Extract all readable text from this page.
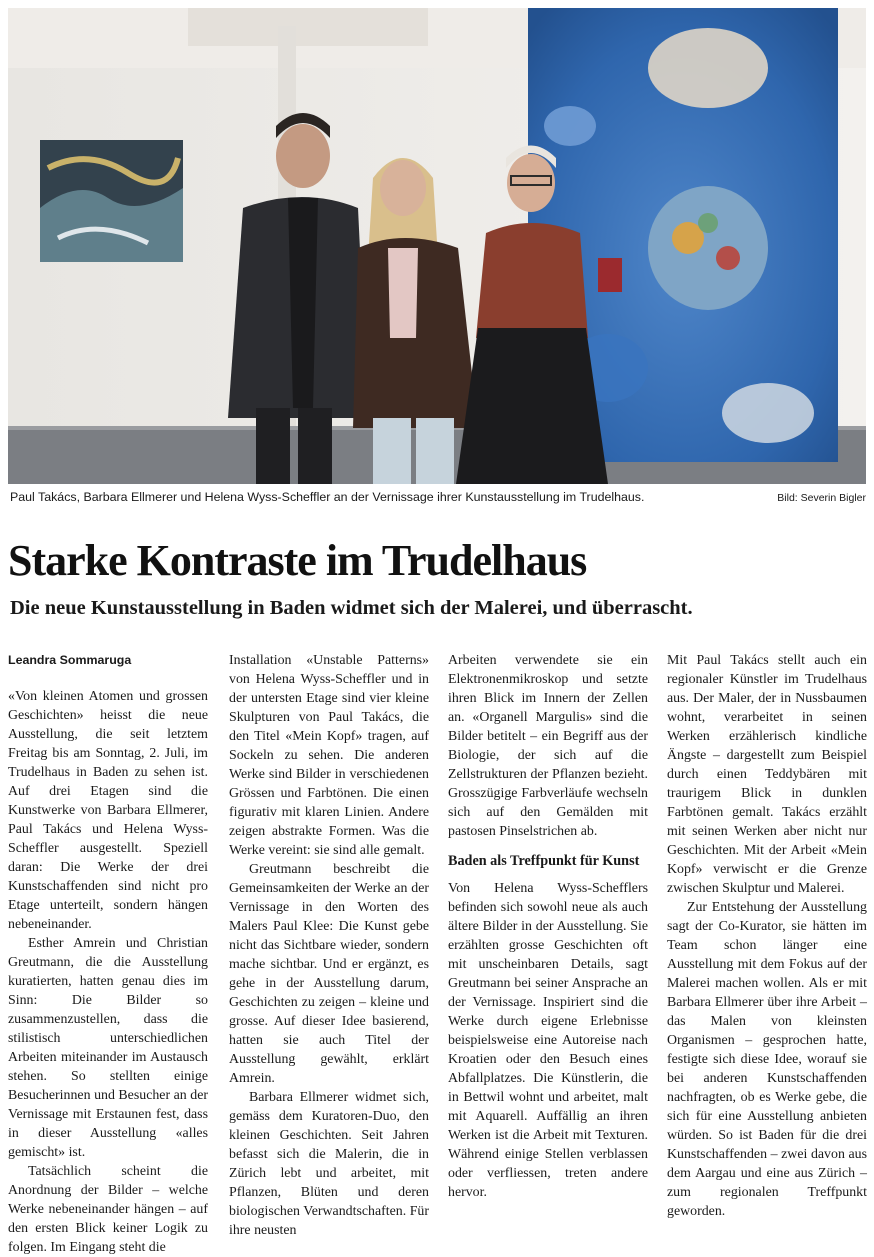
Paul Takács, Barbara Ellmerer und Helena Wyss-Scheffler an der Vernissage ihrer Kunstausstellung im Trudelhaus.	Bild: Severin Bigler
Starke Kontraste im Trudelhaus
Die neue Kunstausstellung in Baden widmet sich der Malerei, und überrascht.
Leandra Sommaruga

«Von kleinen Atomen und grossen Geschichten» heisst die neue Ausstellung, die seit letztem Freitag bis am Sonntag, 2. Juli, im Trudelhaus in Baden zu sehen ist. Auf drei Etagen sind die Kunstwerke von Barbara Ellmerer, Paul Takács und Helena Wyss-Scheffler ausgestellt. Speziell daran: Die Werke der drei Kunstschaffenden sind nicht pro Etage unterteilt, sondern hängen nebeneinander.

Esther Amrein und Christian Greutmann, die die Ausstellung kuratierten, hatten genau dies im Sinn: Die Bilder so zusammenzustellen, dass die stilistisch unterschiedlichen Arbeiten miteinander im Austausch stehen. So stellten einige Besucherinnen und Besucher an der Vernissage mit Erstaunen fest, dass in dieser Ausstellung «alles gemischt» ist.

Tatsächlich scheint die Anordnung der Bilder – welche Werke nebeneinander hängen – auf den ersten Blick keiner Logik zu folgen. Im Eingang steht die

Installation «Unstable Patterns» von Helena Wyss-Scheffler und in der untersten Etage sind vier kleine Skulpturen von Paul Takács, die den Titel «Mein Kopf» tragen, auf Sockeln zu sehen. Die anderen Werke sind Bilder in verschiedenen Grössen und Farbtönen. Die einen figurativ mit klaren Linien. Andere zeigen abstrakte Formen. Was die Werke vereint: sie sind alle gemalt.

Greutmann beschreibt die Gemeinsamkeiten der Werke an der Vernissage in den Worten des Malers Paul Klee: Die Kunst gebe nicht das Sichtbare wieder, sondern mache sichtbar. Und er ergänzt, es gehe in der Ausstellung darum, Geschichten zu zeigen – kleine und grosse. Auf dieser Idee basierend, hatten sie auch Titel der Ausstellung gewählt, erklärt Amrein.

Barbara Ellmerer widmet sich, gemäss dem Kuratoren-Duo, den kleinen Geschichten. Seit Jahren befasst sich die Malerin, die in Zürich lebt und arbeitet, mit Pflanzen, Blüten und deren biologischen Verwandtschaften. Für ihre neusten

Arbeiten verwendete sie ein Elektronenmikroskop und setzte ihren Blick im Innern der Zellen an. «Organell Margulis» sind die Bilder betitelt – ein Begriff aus der Biologie, der sich auf die Zellstrukturen der Pflanzen bezieht. Grosszügige Farbverläufe wechseln sich auf den Gemälden mit pastosen Pinselstrichen ab.

Baden als Treffpunkt für Kunst

Von Helena Wyss-Schefflers befinden sich sowohl neue als auch ältere Bilder in der Ausstellung. Sie erzählten grosse Geschichten oft mit unscheinbaren Details, sagt Greutmann bei seiner Ansprache an der Vernissage. Inspiriert sind die Werke durch eigene Erlebnisse beispielsweise eine Autoreise nach Kroatien oder den Besuch eines Abfallplatzes. Die Künstlerin, die in Bettwil wohnt und arbeitet, malt mit Aquarell. Auffällig an ihren Werken ist die Arbeit mit Texturen. Während einige Stellen verblassen oder verfliessen, treten andere hervor.

Mit Paul Takács stellt auch ein regionaler Künstler im Trudelhaus aus. Der Maler, der in Nussbaumen wohnt, verarbeitet in seinen Werken erzählerisch kindliche Ängste – dargestellt zum Beispiel durch einen Teddybären mit traurigem Blick in dunklen Farbtönen gemalt. Takács erzählt mit seinen Werken aber nicht nur Geschichten. Mit der Arbeit «Mein Kopf» verwischt er die Grenze zwischen Skulptur und Malerei.

Zur Entstehung der Ausstellung sagt der Co-Kurator, sie hätten im Team schon länger eine Ausstellung mit dem Fokus auf der Malerei machen wollen. Als er mit Barbara Ellmerer über ihre Arbeit – das Malen von kleinsten Organismen – gesprochen hatte, festigte sich diese Idee, worauf sie bei anderen Kunstschaffenden nachfragten, ob es Werke gebe, die sich für eine Ausstellung anbieten würden. So ist Baden für die drei Kunstschaffenden – zwei davon aus dem Aargau und eine aus Zürich – zum regionalen Treffpunkt geworden.
